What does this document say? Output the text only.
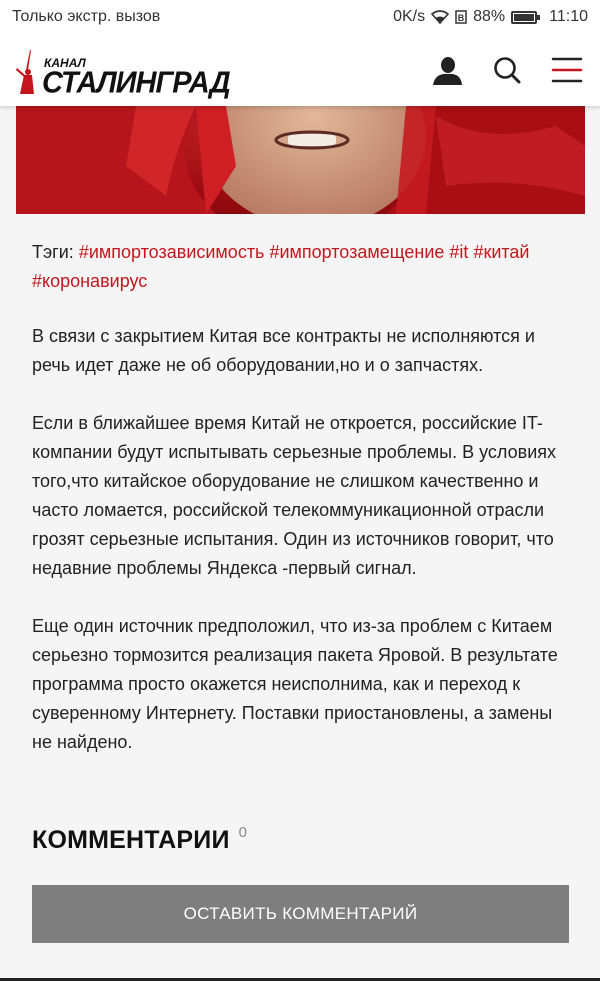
Только экстр. вызов	0K/s	B 88%	11:10
КАНАЛ
СТАЛИНГРАД
Тэги: #импортозависимость #импортозамещение #it #китай #коронавирус

В связи с закрытием Китая все контракты не исполняются и речь идет даже не об оборудовании,но и о запчастях.

Если в ближайшее время Китай не откроется, российские IT-компании будут испытывать серьезные проблемы. В условиях того,что китайское оборудование не слишком качественно и часто ломается, российской телекоммуникационной отрасли грозят серьезные испытания. Один из источников говорит, что недавние проблемы Яндекса -первый сигнал.

Еще один источник предположил, что из-за проблем с Китаем серьезно тормозится реализация пакета Яровой. В результате программа просто окажется неисполнима, как и переход к суверенному Интернету. Поставки приостановлены, а замены не найдено.

КОММЕНТАРИИ 0
ОСТАВИТЬ КОММЕНТАРИЙ
